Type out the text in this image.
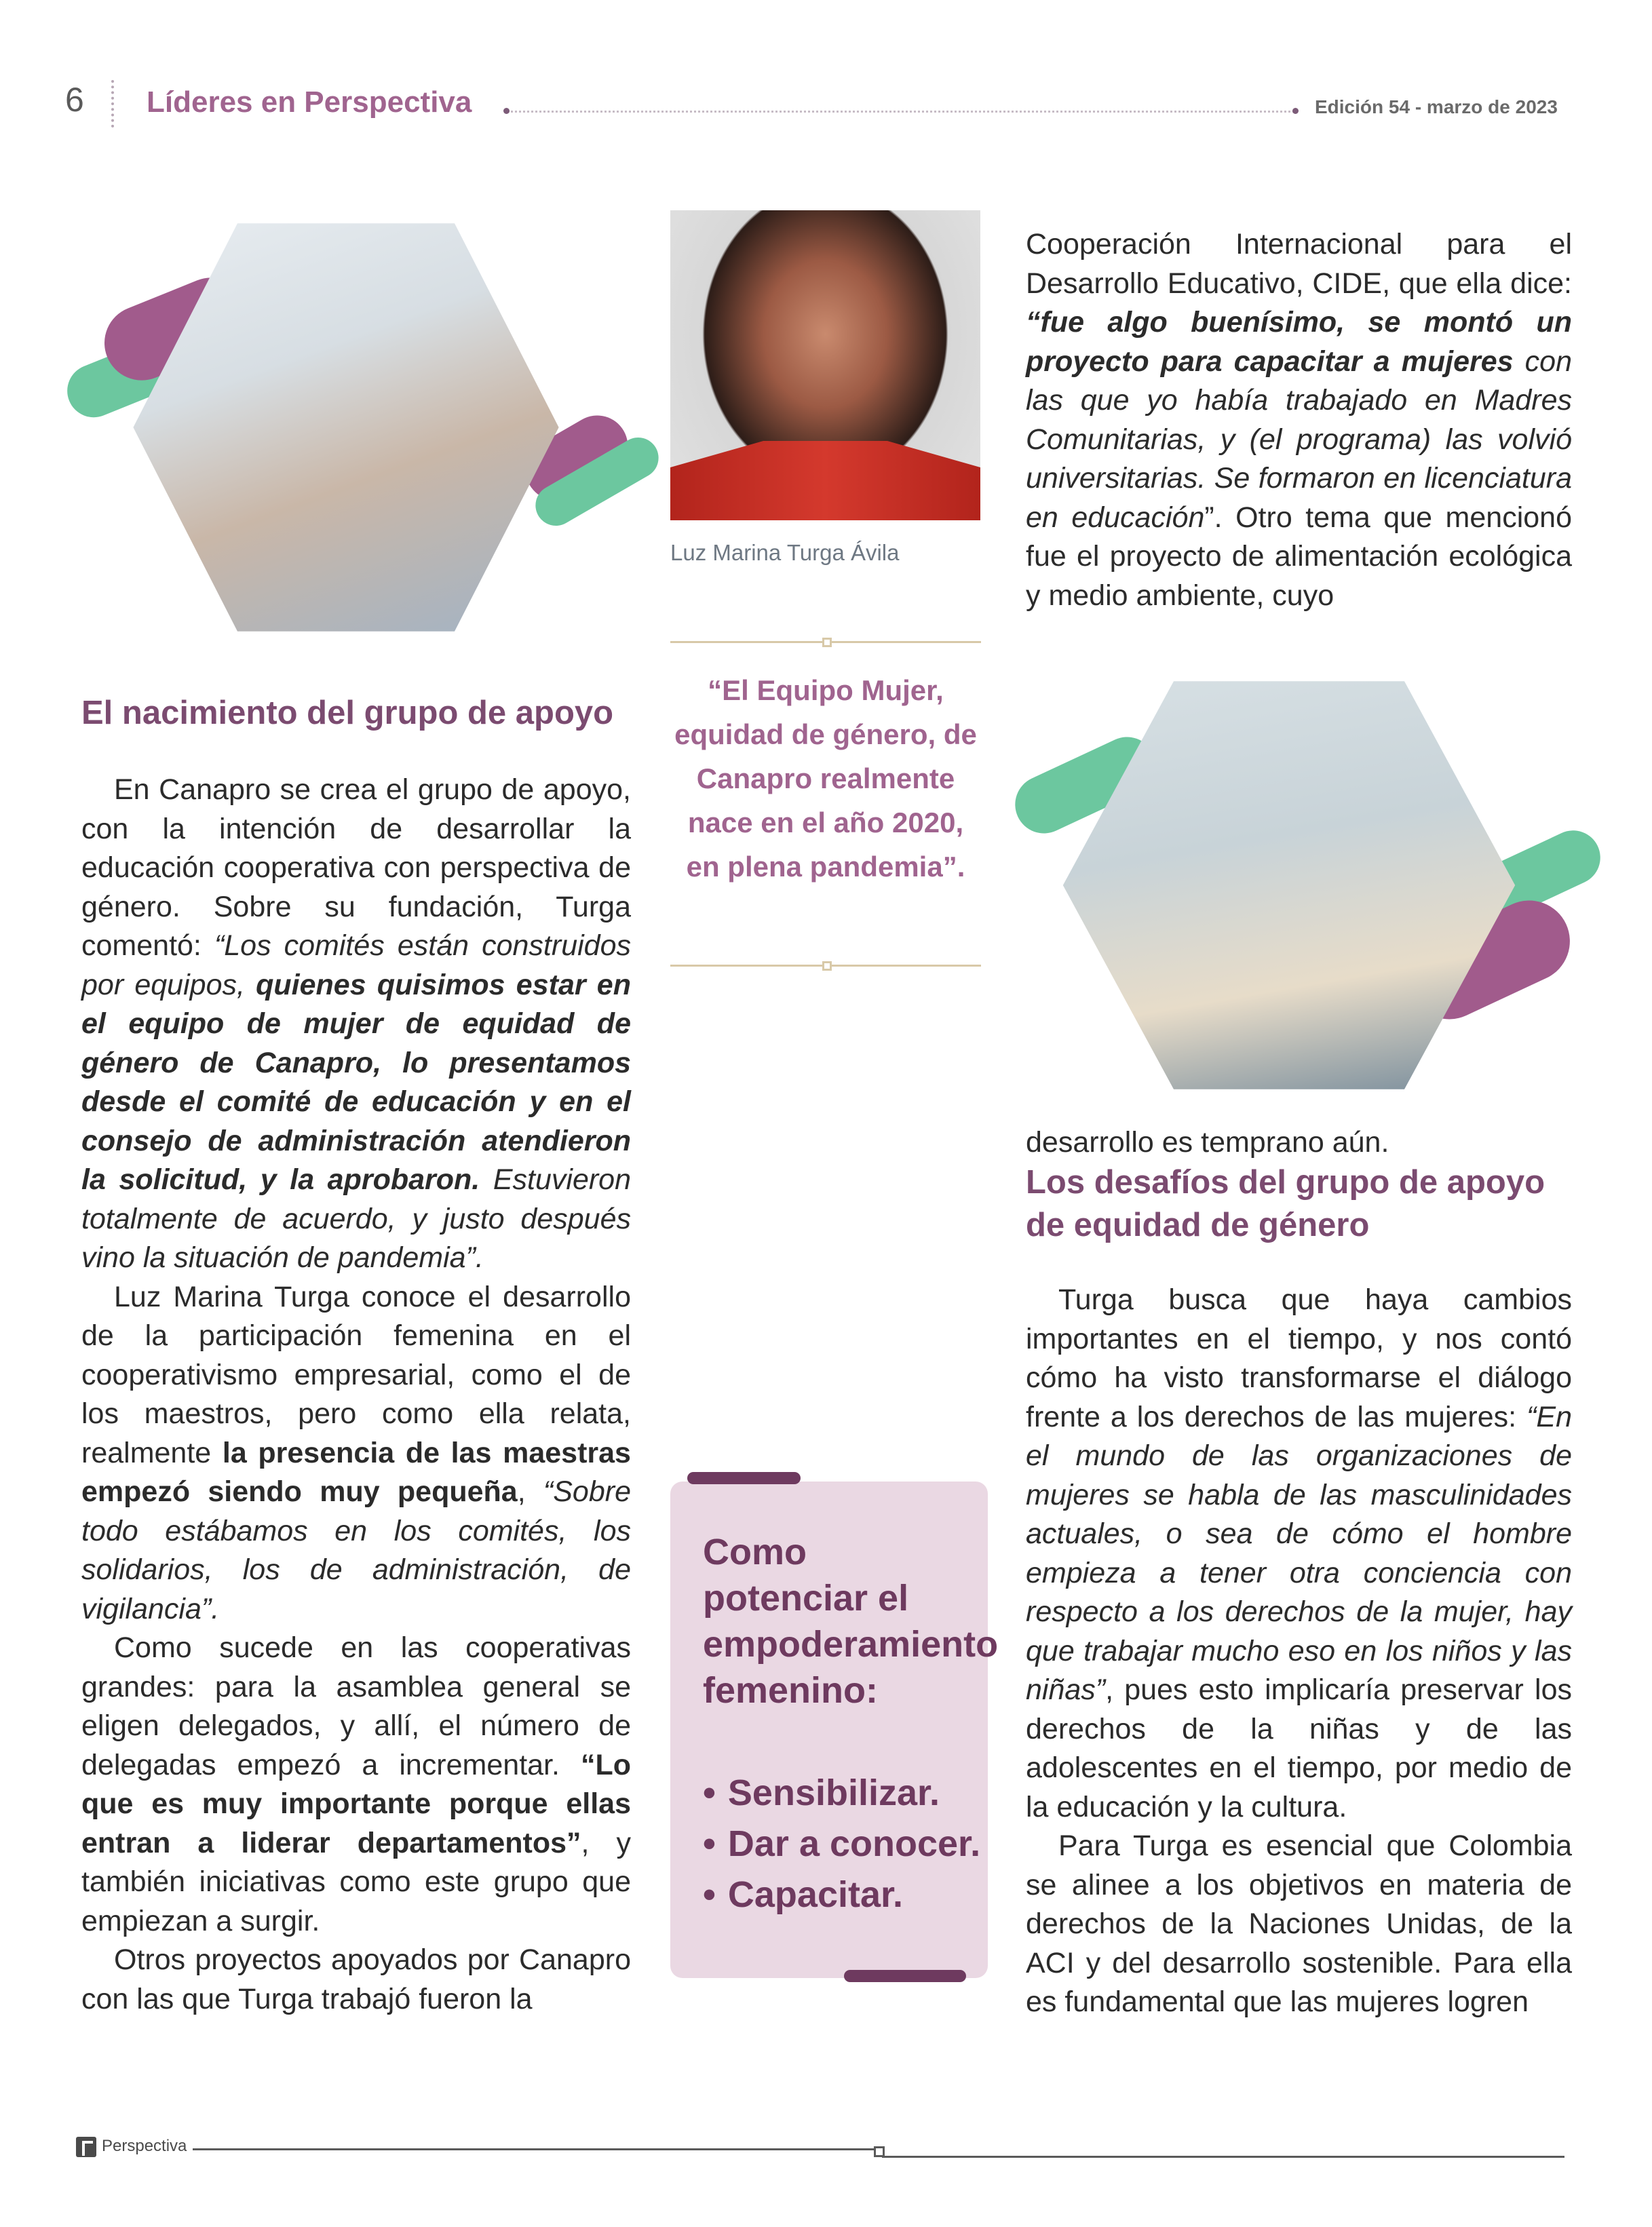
6 Líderes en Perspectiva	Edición 54 - marzo de 2023
Luz Marina Turga Ávila
“El Equipo Mujer, equidad de género, de Canapro realmente nace en el año 2020, en plena pandemia”.
El nacimiento del grupo de apoyo

En Canapro se crea el grupo de apoyo, con la intención de desarrollar la educación cooperativa con perspectiva de género. Sobre su fundación, Turga comentó: “Los comités están construidos por equipos, quienes quisimos estar en el equipo de mujer de equidad de género de Canapro, lo presentamos desde el comité de educación y en el consejo de administración atendieron la solicitud, y la aprobaron. Estuvieron totalmente de acuerdo, y justo después vino la situación de pandemia”.

Luz Marina Turga conoce el desarrollo de la participación femenina en el cooperativismo empresarial, como el de los maestros, pero como ella relata, realmente la presencia de las maestras empezó siendo muy pequeña, “Sobre todo estábamos en los comités, los solidarios, los de administración, de vigilancia”.

Como sucede en las cooperativas grandes: para la asamblea general se eligen delegados, y allí, el número de delegadas empezó a incrementar. “Lo que es muy importante porque ellas entran a liderar departamentos”, y también iniciativas como este grupo que empiezan a surgir.

Otros proyectos apoyados por Canapro con las que Turga trabajó fueron la

Cooperación Internacional para el Desarrollo Educativo, CIDE, que ella dice: “fue algo buenísimo, se montó un proyecto para capacitar a mujeres con las que yo había trabajado en Madres Comunitarias, y (el programa) las volvió universitarias. Se formaron en licenciatura en educación”. Otro tema que mencionó fue el proyecto de alimentación ecológica y medio ambiente, cuyo

desarrollo es temprano aún.

Los desafíos del grupo de apoyo de equidad de género

Turga busca que haya cambios importantes en el tiempo, y nos contó cómo ha visto transformarse el diálogo frente a los derechos de las mujeres: “En el mundo de las organizaciones de mujeres se habla de las masculinidades actuales, o sea de cómo el hombre empieza a tener otra conciencia con respecto a los derechos de la mujer, hay que trabajar mucho eso en los niños y las niñas”, pues esto implicaría preservar los derechos de la niñas y de las adolescentes en el tiempo, por medio de la educación y la cultura.

Para Turga es esencial que Colombia se alinee a los objetivos en materia de derechos de la Naciones Unidas, de la ACI y del desarrollo sostenible. Para ella es fundamental que las mujeres logren

Como potenciar el empoderamiento femenino:
• Sensibilizar.
• Dar a conocer.
• Capacitar.
Perspectiva
